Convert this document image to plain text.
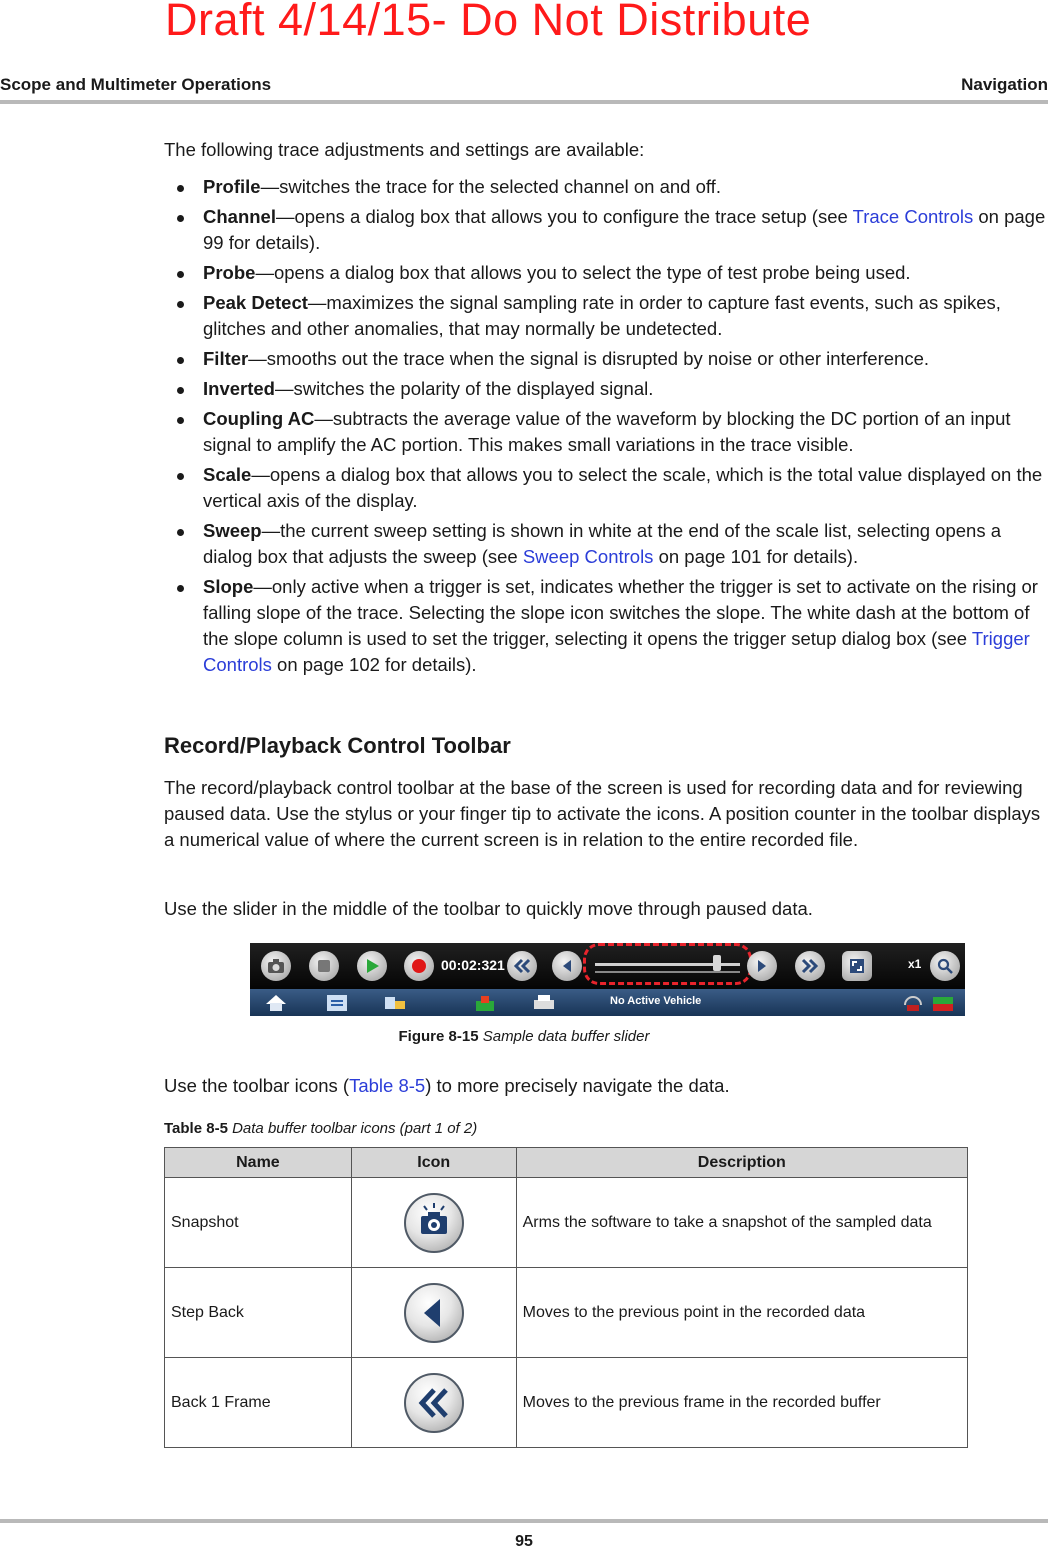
Draft 4/14/15- Do Not Distribute
Scope and Multimeter Operations	Navigation

The following trace adjustments and settings are available:

Profile—switches the trace for the selected channel on and off.
Channel—opens a dialog box that allows you to configure the trace setup (see Trace Controls on page 99 for details).
Probe—opens a dialog box that allows you to select the type of test probe being used.
Peak Detect—maximizes the signal sampling rate in order to capture fast events, such as spikes, glitches and other anomalies, that may normally be undetected.
Filter—smooths out the trace when the signal is disrupted by noise or other interference.
Inverted—switches the polarity of the displayed signal.
Coupling AC—subtracts the average value of the waveform by blocking the DC portion of an input signal to amplify the AC portion. This makes small variations in the trace visible.
Scale—opens a dialog box that allows you to select the scale, which is the total value displayed on the vertical axis of the display.
Sweep—the current sweep setting is shown in white at the end of the scale list, selecting opens a dialog box that adjusts the sweep (see Sweep Controls on page 101 for details).
Slope—only active when a trigger is set, indicates whether the trigger is set to activate on the rising or falling slope of the trace. Selecting the slope icon switches the slope. The white dash at the bottom of the slope column is used to set the trigger, selecting it opens the trigger setup dialog box (see Trigger Controls on page 102 for details).
Record/Playback Control Toolbar

The record/playback control toolbar at the base of the screen is used for recording data and for reviewing paused data. Use the stylus or your finger tip to activate the icons. A position counter in the toolbar displays a numerical value of where the current screen is in relation to the entire recorded file.

Use the slider in the middle of the toolbar to quickly move through paused data.

00:02:321	x1
No Active Vehicle
Figure 8-15 Sample data buffer slider

Use the toolbar icons (Table 8-5) to more precisely navigate the data.

Table 8-5 Data buffer toolbar icons (part 1 of 2)
Name	Icon	Description
Snapshot		Arms the software to take a snapshot of the sampled data
Step Back		Moves to the previous point in the recorded data
Back 1 Frame		Moves to the previous frame in the recorded buffer
95
